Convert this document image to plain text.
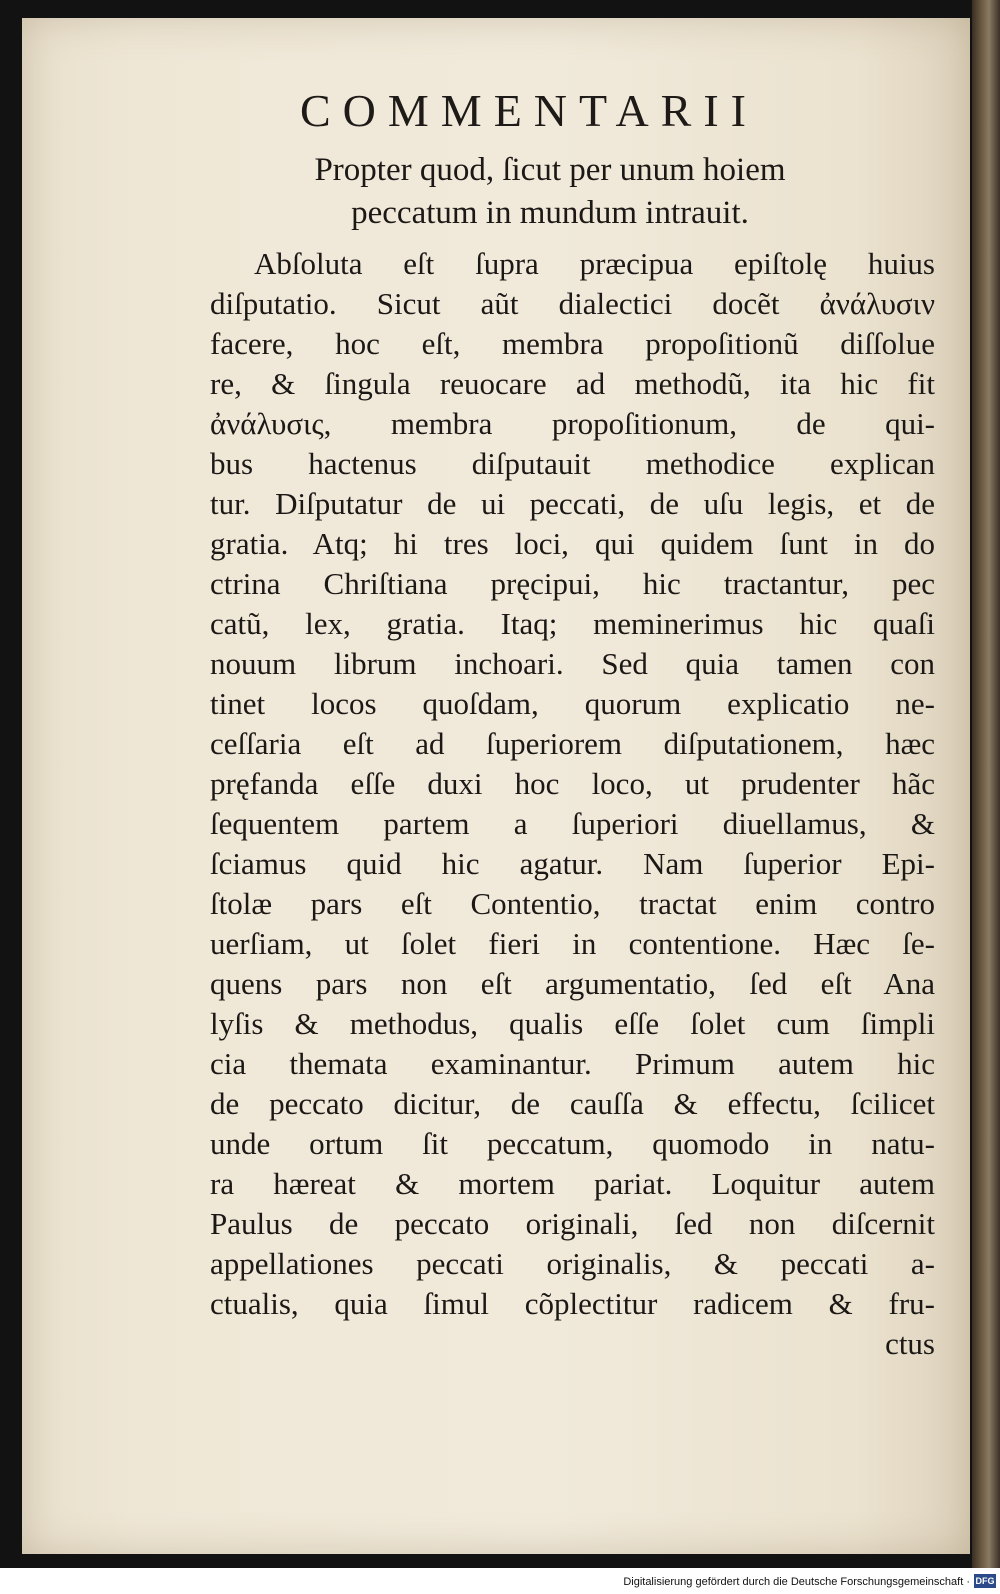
COMMENTARII
Propter quod, ſicut per unum hoiem
peccatum in mundum intrauit.
Abſoluta eſt ſupra præcipua epiſtolę huius
diſputatio. Sicut aũt dialectici docẽt ἀνάλυσιν
facere, hoc eſt, membra propoſitionũ diſſolue
re, & ſingula reuocare ad methodũ, ita hic fit
ἀνάλυσις, membra propoſitionum, de qui-
bus hactenus diſputauit methodice explican
tur. Diſputatur de ui peccati, de uſu legis, et de
gratia. Atq; hi tres loci, qui quidem ſunt in do
ctrina Chriſtiana pręcipui, hic tractantur, pec
catũ, lex, gratia. Itaq; meminerimus hic quaſi
nouum librum inchoari. Sed quia tamen con
tinet locos quoſdam, quorum explicatio ne-
ceſſaria eſt ad ſuperiorem diſputationem, hæc
pręfanda eſſe duxi hoc loco, ut prudenter hãc
ſequentem partem a ſuperiori diuellamus, &
ſciamus quid hic agatur. Nam ſuperior Epi-
ſtolæ pars eſt Contentio, tractat enim contro
uerſiam, ut ſolet fieri in contentione. Hæc ſe-
quens pars non eſt argumentatio, ſed eſt Ana
lyſis & methodus, qualis eſſe ſolet cum ſimpli
cia themata examinantur. Primum autem hic
de peccato dicitur, de cauſſa & effectu, ſcilicet
unde ortum ſit peccatum, quomodo in natu-
ra hæreat & mortem pariat. Loquitur autem
Paulus de peccato originali, ſed non diſcernit
appellationes peccati originalis, & peccati a-
ctualis, quia ſimul cõplectitur radicem & fru-
ctus
Digitalisierung gefördert durch die Deutsche Forschungsgemeinschaft · DFG
